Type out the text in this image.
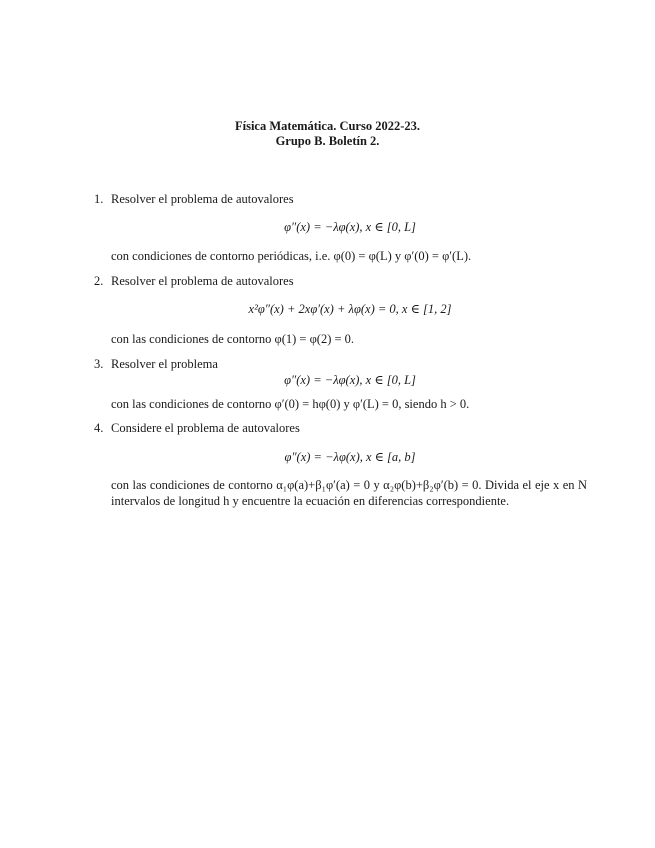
Física Matemática. Curso 2022-23.
Grupo B. Boletín 2.
1. Resolver el problema de autovalores
φ″(x) = −λφ(x), x ∈ [0, L]
con condiciones de contorno periódicas, i.e. φ(0) = φ(L) y φ′(0) = φ′(L).
2. Resolver el problema de autovalores
x²φ″(x) + 2xφ′(x) + λφ(x) = 0, x ∈ [1, 2]
con las condiciones de contorno φ(1) = φ(2) = 0.
3. Resolver el problema
φ″(x) = −λφ(x), x ∈ [0, L]
con las condiciones de contorno φ′(0) = hφ(0) y φ′(L) = 0, siendo h > 0.
4. Considere el problema de autovalores
φ″(x) = −λφ(x), x ∈ [a, b]
con las condiciones de contorno α₁φ(a)+β₁φ′(a) = 0 y α₂φ(b)+β₂φ′(b) = 0. Divida el eje x en N intervalos de longitud h y encuentre la ecuación en diferencias correspondiente.
